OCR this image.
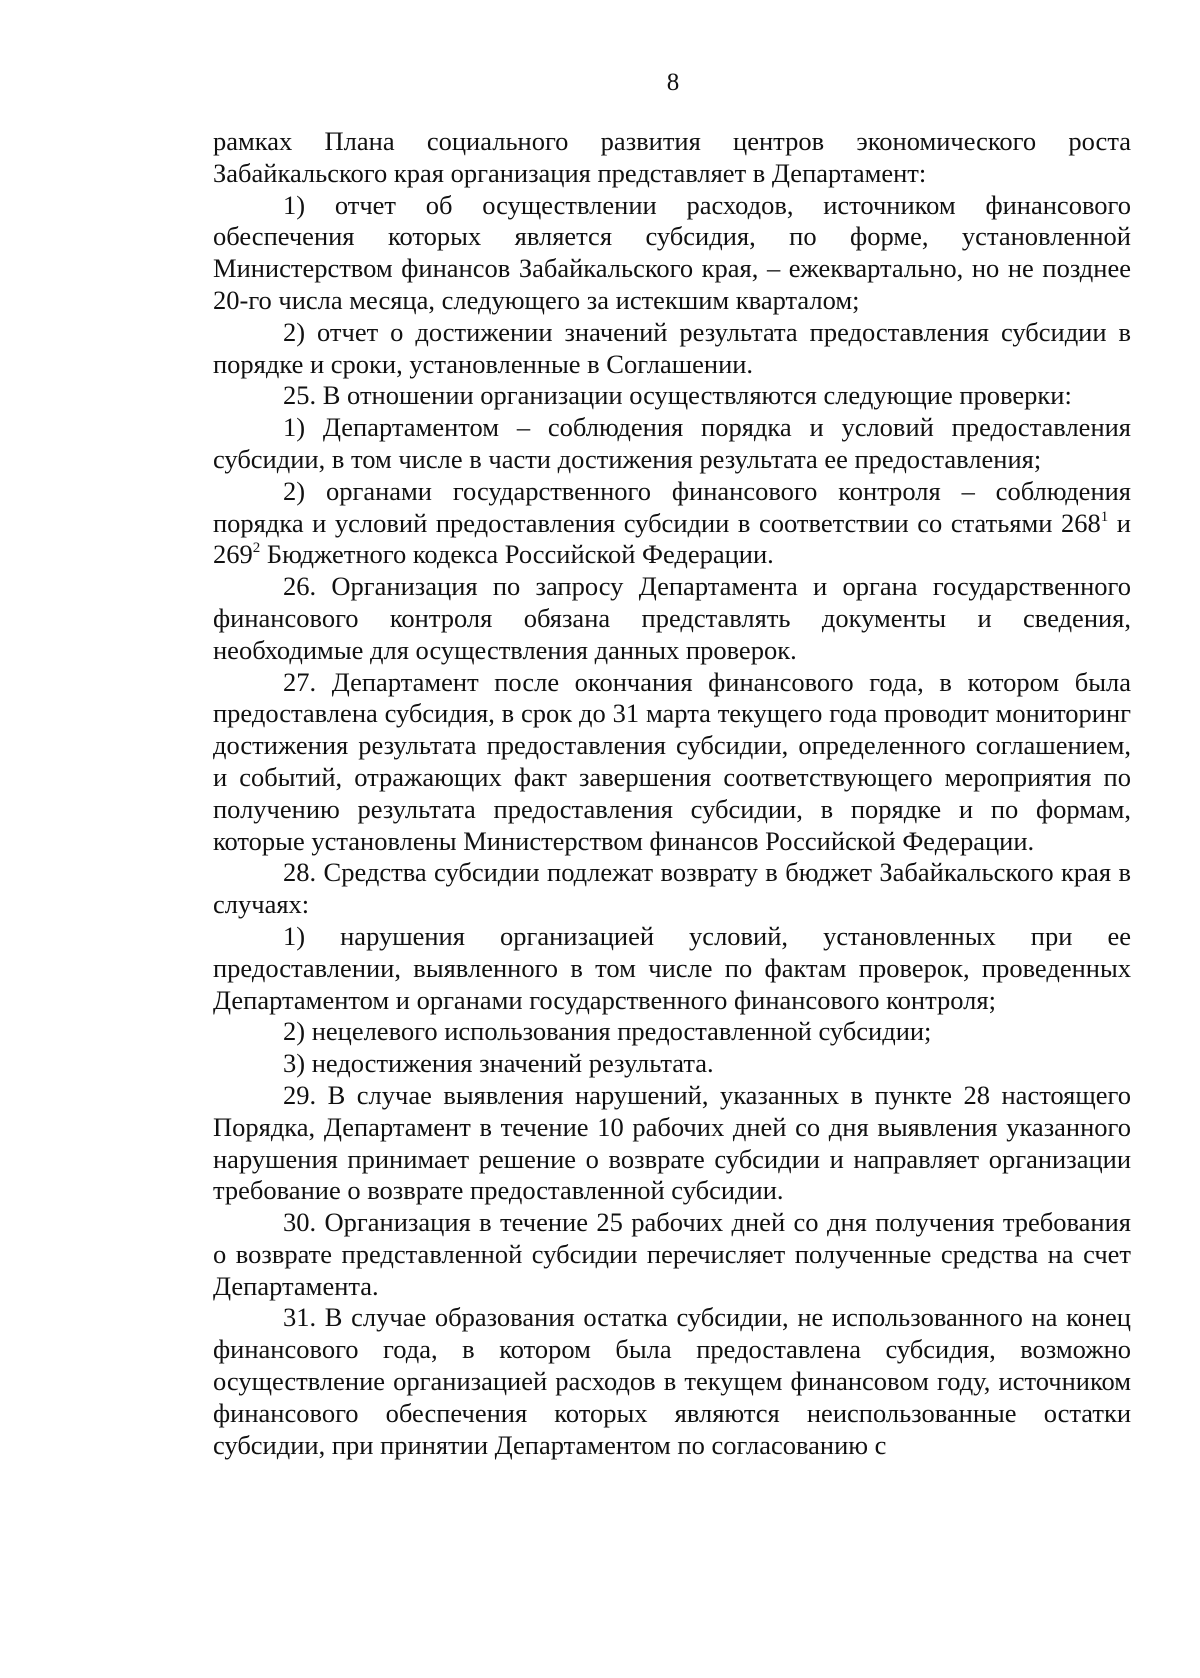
8

рамках Плана социального развития центров экономического роста Забайкальского края организация представляет в Департамент:

1) отчет об осуществлении расходов, источником финансового обеспечения которых является субсидия, по форме, установленной Министерством финансов Забайкальского края, – ежеквартально, но не позднее 20-го числа месяца, следующего за истекшим кварталом;

2) отчет о достижении значений результата предоставления субсидии в порядке и сроки, установленные в Соглашении.

25. В отношении организации осуществляются следующие проверки:

1) Департаментом – соблюдения порядка и условий предоставления субсидии, в том числе в части достижения результата ее предоставления;

2) органами государственного финансового контроля – соблюдения порядка и условий предоставления субсидии в соответствии со статьями $268^1$ и $269^2$ Бюджетного кодекса Российской Федерации.

26. Организация по запросу Департамента и органа государственного финансового контроля обязана представлять документы и сведения, необходимые для осуществления данных проверок.

27. Департамент после окончания финансового года, в котором была предоставлена субсидия, в срок до 31 марта текущего года проводит мониторинг достижения результата предоставления субсидии, определенного соглашением, и событий, отражающих факт завершения соответствующего мероприятия по получению результата предоставления субсидии, в порядке и по формам, которые установлены Министерством финансов Российской Федерации.

28. Средства субсидии подлежат возврату в бюджет Забайкальского края в случаях:

1) нарушения организацией условий, установленных при ее предоставлении, выявленного в том числе по фактам проверок, проведенных Департаментом и органами государственного финансового контроля;

2) нецелевого использования предоставленной субсидии;

3) недостижения значений результата.

29. В случае выявления нарушений, указанных в пункте 28 настоящего Порядка, Департамент в течение 10 рабочих дней со дня выявления указанного нарушения принимает решение о возврате субсидии и направляет организации требование о возврате предоставленной субсидии.

30. Организация в течение 25 рабочих дней со дня получения требования о возврате представленной субсидии перечисляет полученные средства на счет Департамента.

31. В случае образования остатка субсидии, не использованного на конец финансового года, в котором была предоставлена субсидия, возможно осуществление организацией расходов в текущем финансовом году, источником финансового обеспечения которых являются неиспользованные остатки субсидии, при принятии Департаментом по согласованию с
